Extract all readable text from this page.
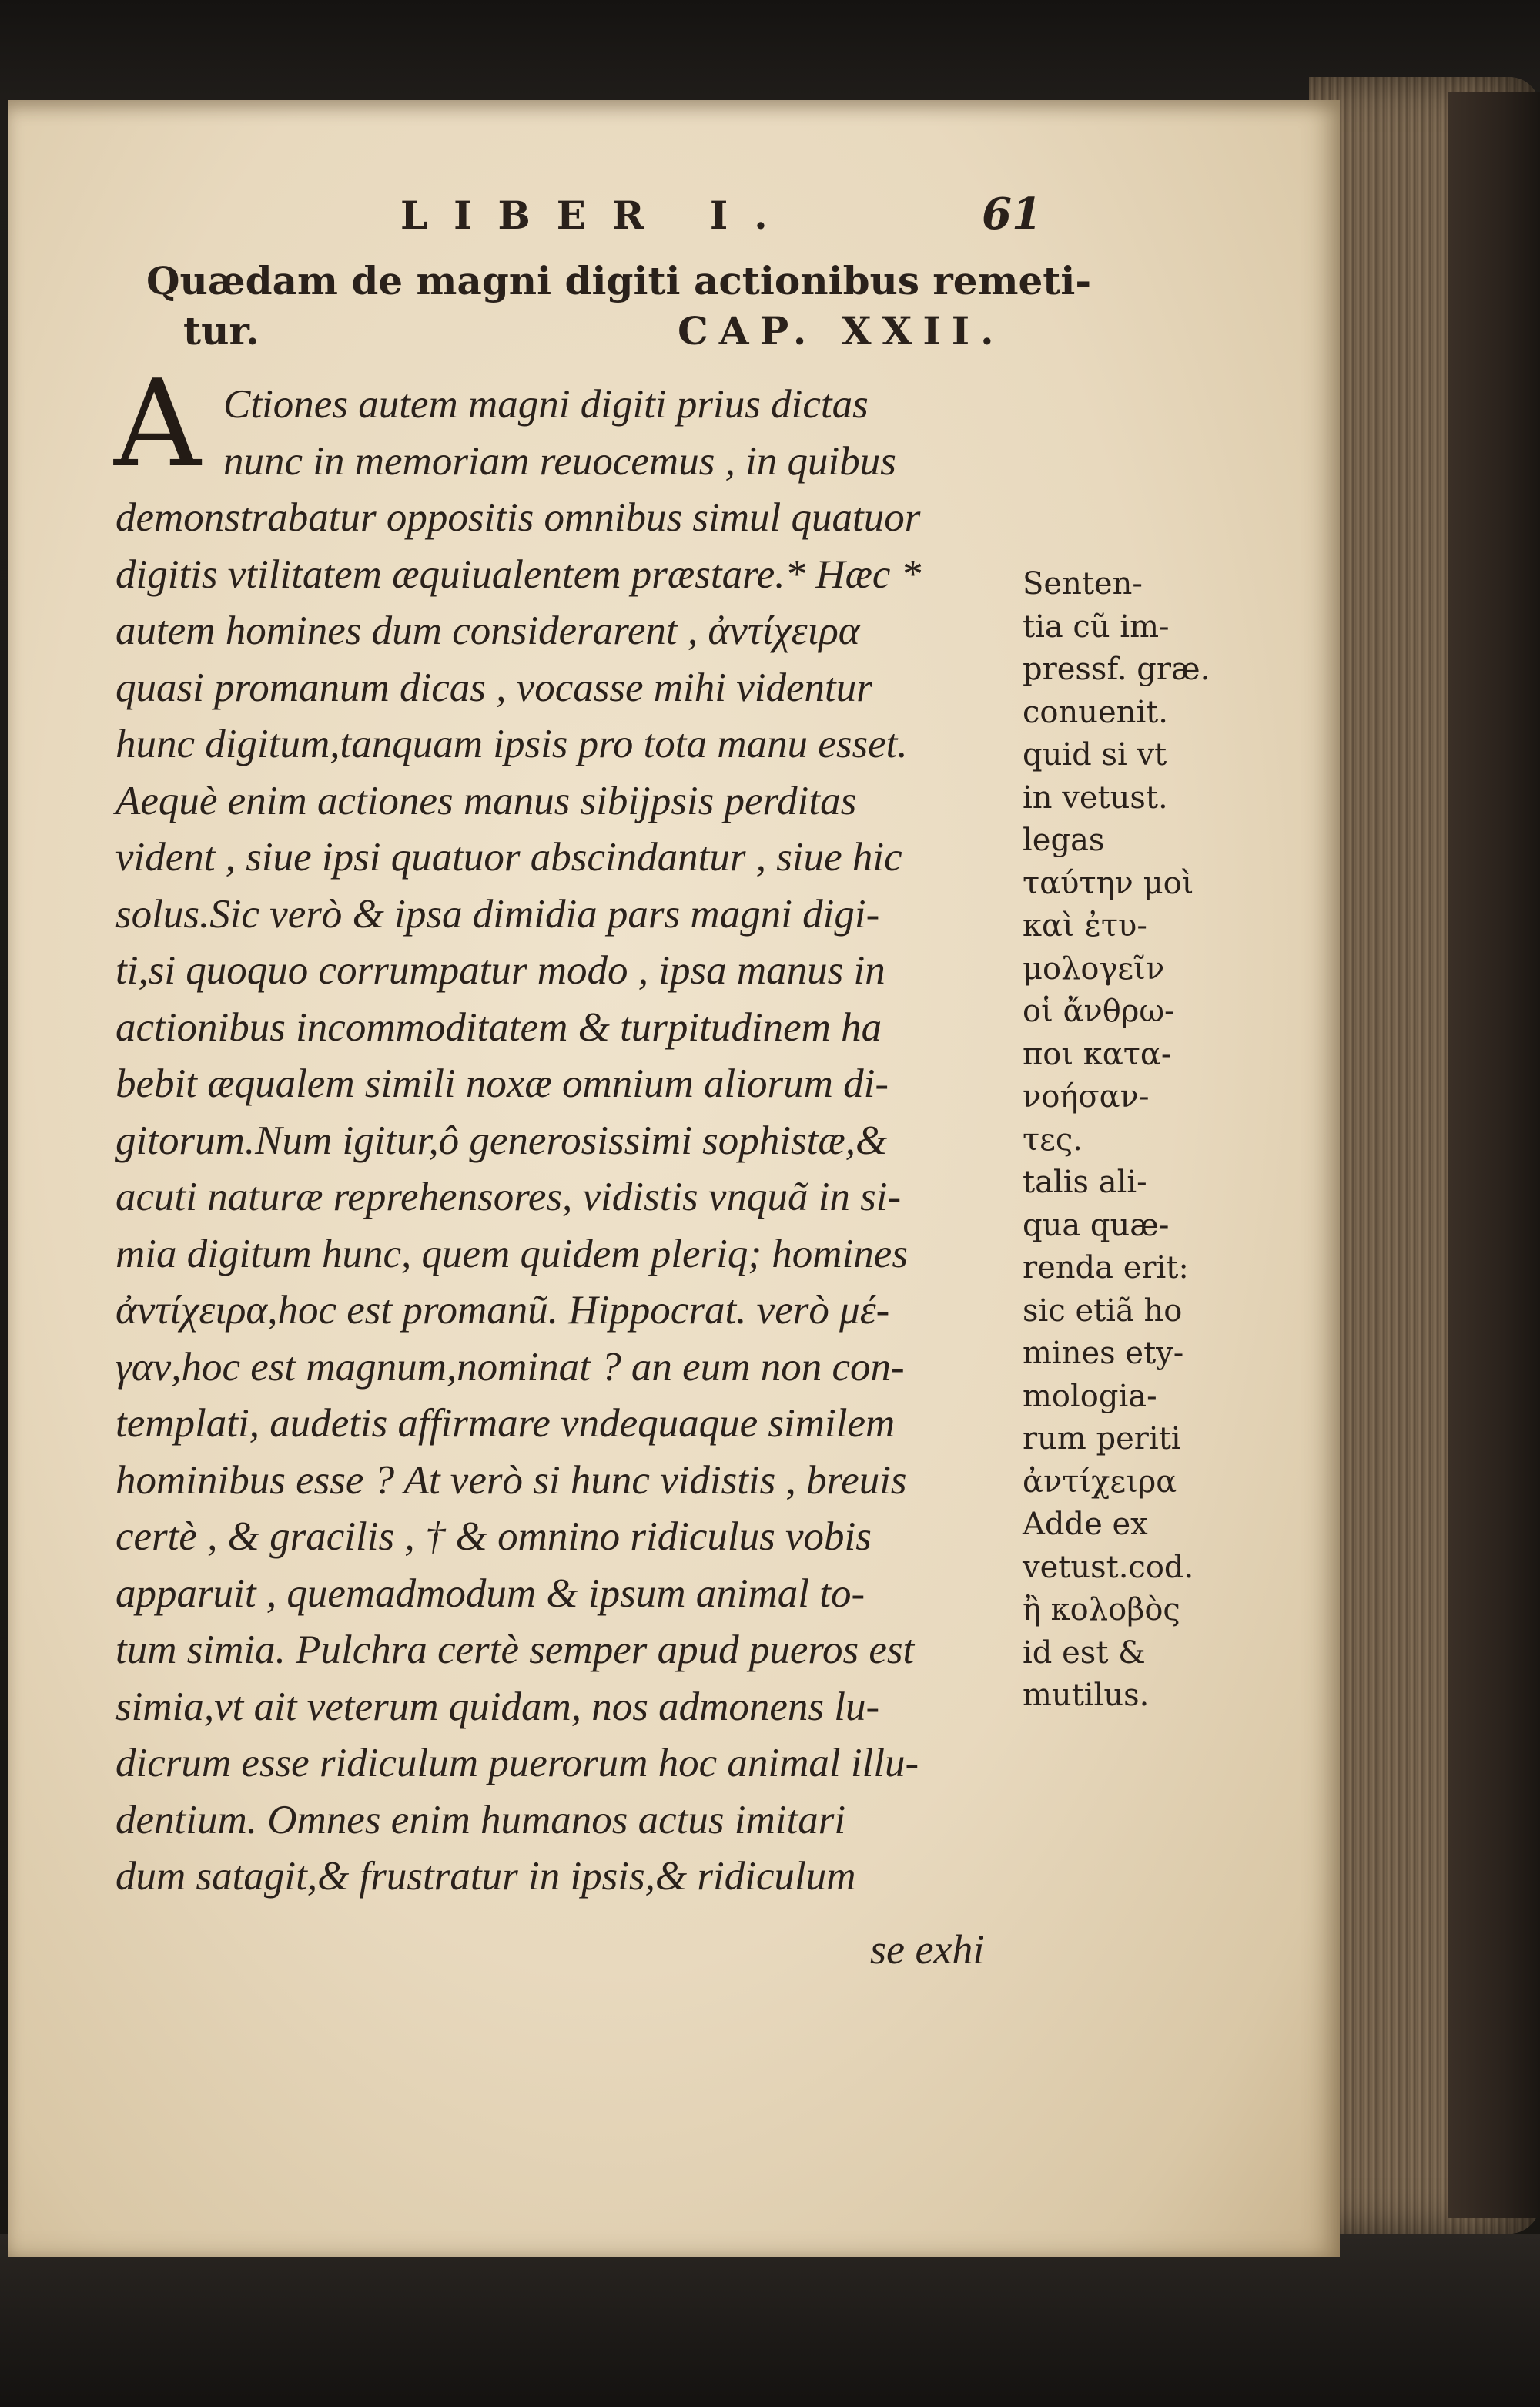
LIBER I.	61
Quædam de magni digiti actionibus remeti-
tur.	CAP. XXII.
A Ctiones autem magni digiti prius dictas
nunc in memoriam reuocemus , in quibus
demonstrabatur oppositis omnibus simul quatuor
digitis vtilitatem æquiualentem præstare.* Hæc *
autem homines dum considerarent , ἀντίχειρα
quasi promanum dicas , vocasse mihi videntur
hunc digitum,tanquam ipsis pro tota manu esset.
Aequè enim actiones manus sibijpsis perditas
vident , siue ipsi quatuor abscindantur , siue hic
solus.Sic verò & ipsa dimidia pars magni digi-
ti,si quoquo corrumpatur modo , ipsa manus in
actionibus incommoditatem & turpitudinem ha
bebit æqualem simili noxæ omnium aliorum di-
gitorum.Num igitur,ô generosissimi sophistæ,&
acuti naturæ reprehensores, vidistis vnquã in si-
mia digitum hunc, quem quidem pleriq; homines
ἀντίχειρα,hoc est promanũ. Hippocrat. verò μέ-
γαν,hoc est magnum,nominat ? an eum non con-
templati, audetis affirmare vndequaque similem
hominibus esse ? At verò si hunc vidistis , breuis
certè , & gracilis , † & omnino ridiculus vobis
apparuit , quemadmodum & ipsum animal to-
tum simia. Pulchra certè semper apud pueros est
simia,vt ait veterum quidam, nos admonens lu-
dicrum esse ridiculum puerorum hoc animal illu-
dentium. Omnes enim humanos actus imitari
dum satagit,& frustratur in ipsis,& ridiculum
Senten-
tia cũ im-
pressf. græ.
conuenit.
quid si vt
in vetust.
legas
ταύτην μοὶ
καὶ ἐτυ-
μολογεῖν
οἱ ἄνθρω-
ποι κατα-
νοήσαν-
τες.
talis ali-
qua quæ-
renda erit:
sic etiã ho
mines ety-
mologia-
rum periti
ἀντίχειρα
Adde ex
vetust.cod.
ἢ κολοβὸς
id est &
mutilus.
se exhi
